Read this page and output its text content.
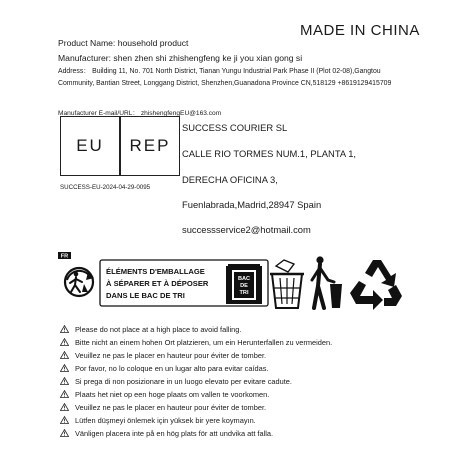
MADE IN CHINA
Product Name: household product
Manufacturer: shen zhen shi zhishengfeng ke ji you xian gong si
Address： Building 11, No. 701 North District, Tianan Yungu Industrial Park Phase II (Plot 02-08),Gangtou Community, Bantian Street, Longgang District, Shenzhen,Guanadona Province CN,518129 +8619129415709
Manufacturer E-mail/URL： zhishengfengEU@163.com
EU	REP
SUCCESS-EU-2024-04-29-0095
SUCCESS COURIER SL
CALLE RIO TORMES NUM.1, PLANTA 1,
DERECHA OFICINA 3,
Fuenlabrada,Madrid,28947 Spain
successservice2@hotmail.com
FR
ÉLÉMENTS D'EMBALLAGE
À SÉPARER ET À DÉPOSER
DANS LE BAC DE TRI
BAC
DE
TRI
Please do not place at a high place to avoid falling.
Bitte nicht an einem hohen Ort platzieren, um ein Herunterfallen zu vermeiden.
Veuillez ne pas le placer en hauteur pour éviter de tomber.
Por favor, no lo coloque en un lugar alto para evitar caídas.
Si prega di non posizionare in un luogo elevato per evitare cadute.
Plaats het niet op een hoge plaats om vallen te voorkomen.
Veuillez ne pas le placer en hauteur pour éviter de tomber.
Lütfen düşmeyi önlemek için yüksek bir yere koymayın.
Vänligen placera inte på en hög plats för att undvika att falla.
